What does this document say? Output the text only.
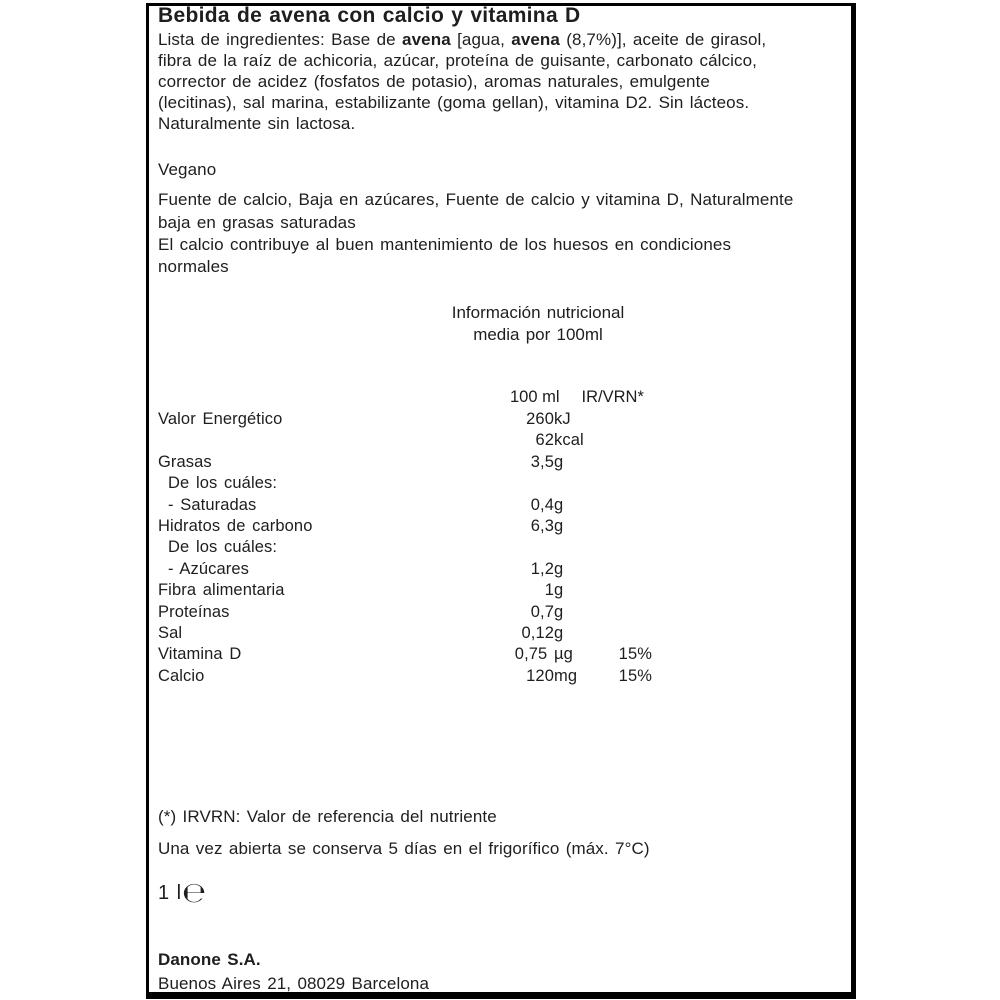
Bebida de avena con calcio y vitamina D
Lista de ingredientes: Base de avena [agua, avena (8,7%)], aceite de girasol,
fibra de la raíz de achicoria, azúcar, proteína de guisante, carbonato cálcico,
corrector de acidez (fosfatos de potasio), aromas naturales, emulgente
(lecitinas), sal marina, estabilizante (goma gellan), vitamina D2. Sin lácteos.
Naturalmente sin lactosa.
Vegano
Fuente de calcio, Baja en azúcares, Fuente de calcio y vitamina D, Naturalmente
baja en grasas saturadas
El calcio contribuye al buen mantenimiento de los huesos en condiciones
normales
Información nutricional
media por 100ml
100 ml IR/VRN*
Valor Energético	260 kJ
62 kcal
Grasas	3,5 g
De los cuáles:
- Saturadas	0,4 g
Hidratos de carbono	6,3 g
De los cuáles:
- Azúcares	1,2 g
Fibra alimentaria	1 g
Proteínas	0,7 g
Sal	0,12 g
Vitamina D	0,75 µg	15%
Calcio	120 mg	15%
(*) IRVRN: Valor de referencia del nutriente
Una vez abierta se conserva 5 días en el frigorífico (máx. 7°C)
1 l℮
Danone S.A.
Buenos Aires 21, 08029 Barcelona
